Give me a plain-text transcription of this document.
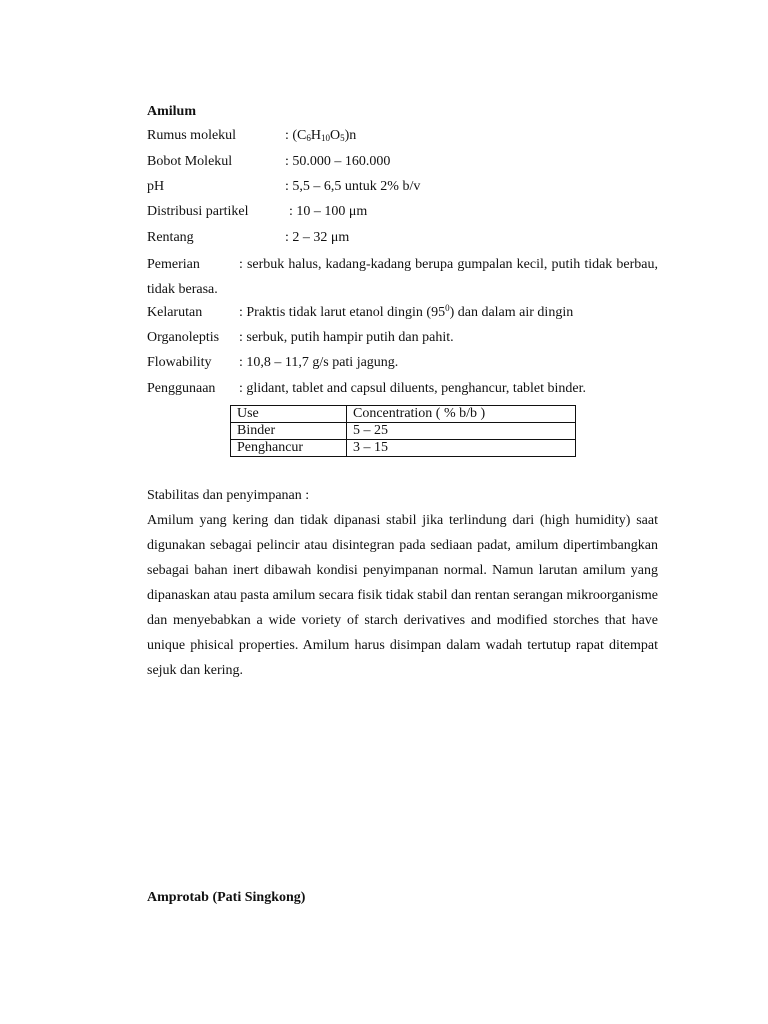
Amilum
Rumus molekul	: $(C_6H_{10}O_5)n$
Bobot Molekul	: 50.000 – 160.000
pH	: 5,5 – 6,5 untuk 2% b/v
Distribusi partikel	: 10 – 100 μm
Rentang	: 2 – 32 μm
Pemerian	: serbuk halus, kadang-kadang berupa gumpalan kecil, putih tidak berbau, tidak berasa.
Kelarutan	: Praktis tidak larut etanol dingin $(95^0)$ dan dalam air dingin
Organoleptis : serbuk, putih hampir putih dan pahit.
Flowability : 10,8 – 11,7 g/s pati jagung.
Penggunaan : glidant, tablet and capsul diluents, penghancur, tablet binder.
Use	Concentration ( % b/b )
Binder	5 – 25
Penghancur	3 – 15
Stabilitas dan penyimpanan :
Amilum yang kering dan tidak dipanasi stabil jika terlindung dari (high humidity) saat digunakan sebagai pelincir atau disintegran pada sediaan padat, amilum dipertimbangkan sebagai bahan inert dibawah kondisi penyimpanan normal. Namun larutan amilum yang dipanaskan atau pasta amilum secara fisik tidak stabil dan rentan serangan mikroorganisme dan menyebabkan a wide voriety of starch derivatives and modified storches that have unique phisical properties. Amilum harus disimpan dalam wadah tertutup rapat ditempat sejuk dan kering.
Amprotab (Pati Singkong)
